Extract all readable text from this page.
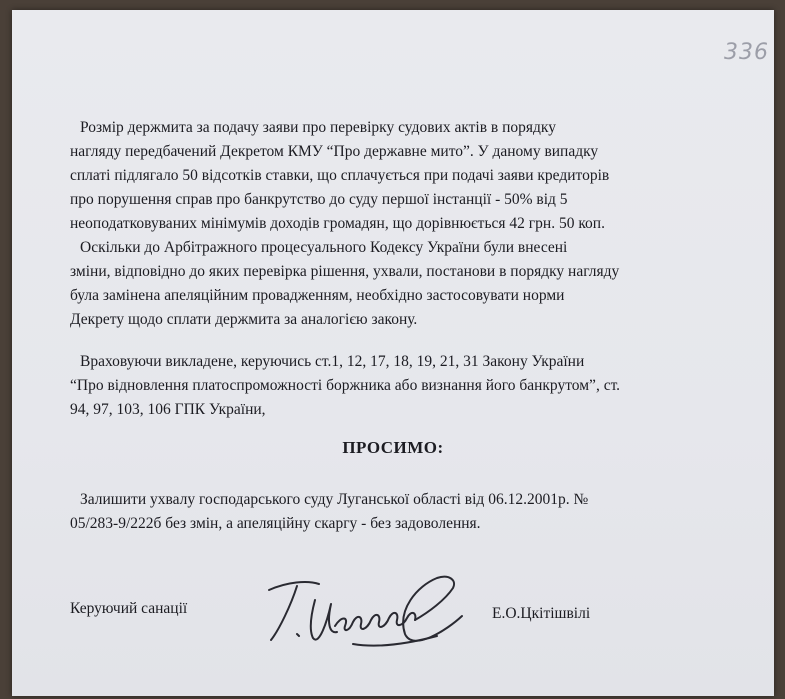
336

Розмір держмита за подачу заяви про перевірку судових актів в порядку
нагляду передбачений Декретом КМУ “Про державне мито”. У даному випадку
сплаті підлягало 50 відсотків ставки, що сплачується при подачі заяви кредиторів
про порушення справ про банкрутство до суду першої інстанції - 50% від 5
неоподатковуваних мінімумів доходів громадян, що дорівнюється 42 грн. 50 коп.

Оскільки до Арбітражного процесуального Кодексу України були внесені
зміни, відповідно до яких перевірка рішення, ухвали, постанови в порядку нагляду
була замінена апеляційним провадженням, необхідно застосовувати норми
Декрету щодо сплати держмита за аналогією закону.

Враховуючи викладене, керуючись ст.1, 12, 17, 18, 19, 21, 31 Закону України
“Про відновлення платоспроможності боржника або визнання його банкрутом”, ст.
94, 97, 103, 106 ГПК України,

ПРОСИМО:

Залишити ухвалу господарського суду Луганської області від 06.12.2001р. №
05/283-9/222б без змін, а апеляційну скаргу - без задоволення.

Керуючий санації	Е.О.Цкітішвілі
